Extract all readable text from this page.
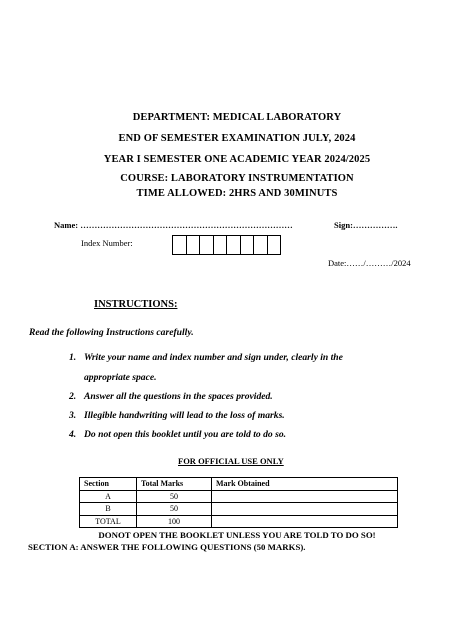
DEPARTMENT: MEDICAL LABORATORY
END OF SEMESTER EXAMINATION JULY, 2024
YEAR I SEMESTER ONE ACADEMIC YEAR 2024/2025
COURSE: LABORATORY INSTRUMENTATION
TIME ALLOWED: 2HRS AND 30MINUTS
Name: …………………………………………………………………	Sign:…………….
Index Number:
Date:……/………/2024
INSTRUCTIONS:
Read the following Instructions carefully.
1. Write your name and index number and sign under, clearly in the
appropriate space.
2. Answer all the questions in the spaces provided.
3. Illegible handwriting will lead to the loss of marks.
4. Do not open this booklet until you are told to do so.
FOR OFFICIAL USE ONLY
Section	Total Marks	Mark Obtained
A	50	
B	50	
TOTAL	100	
DONOT OPEN THE BOOKLET UNLESS YOU ARE TOLD TO DO SO!
SECTION A: ANSWER THE FOLLOWING QUESTIONS (50 MARKS).
